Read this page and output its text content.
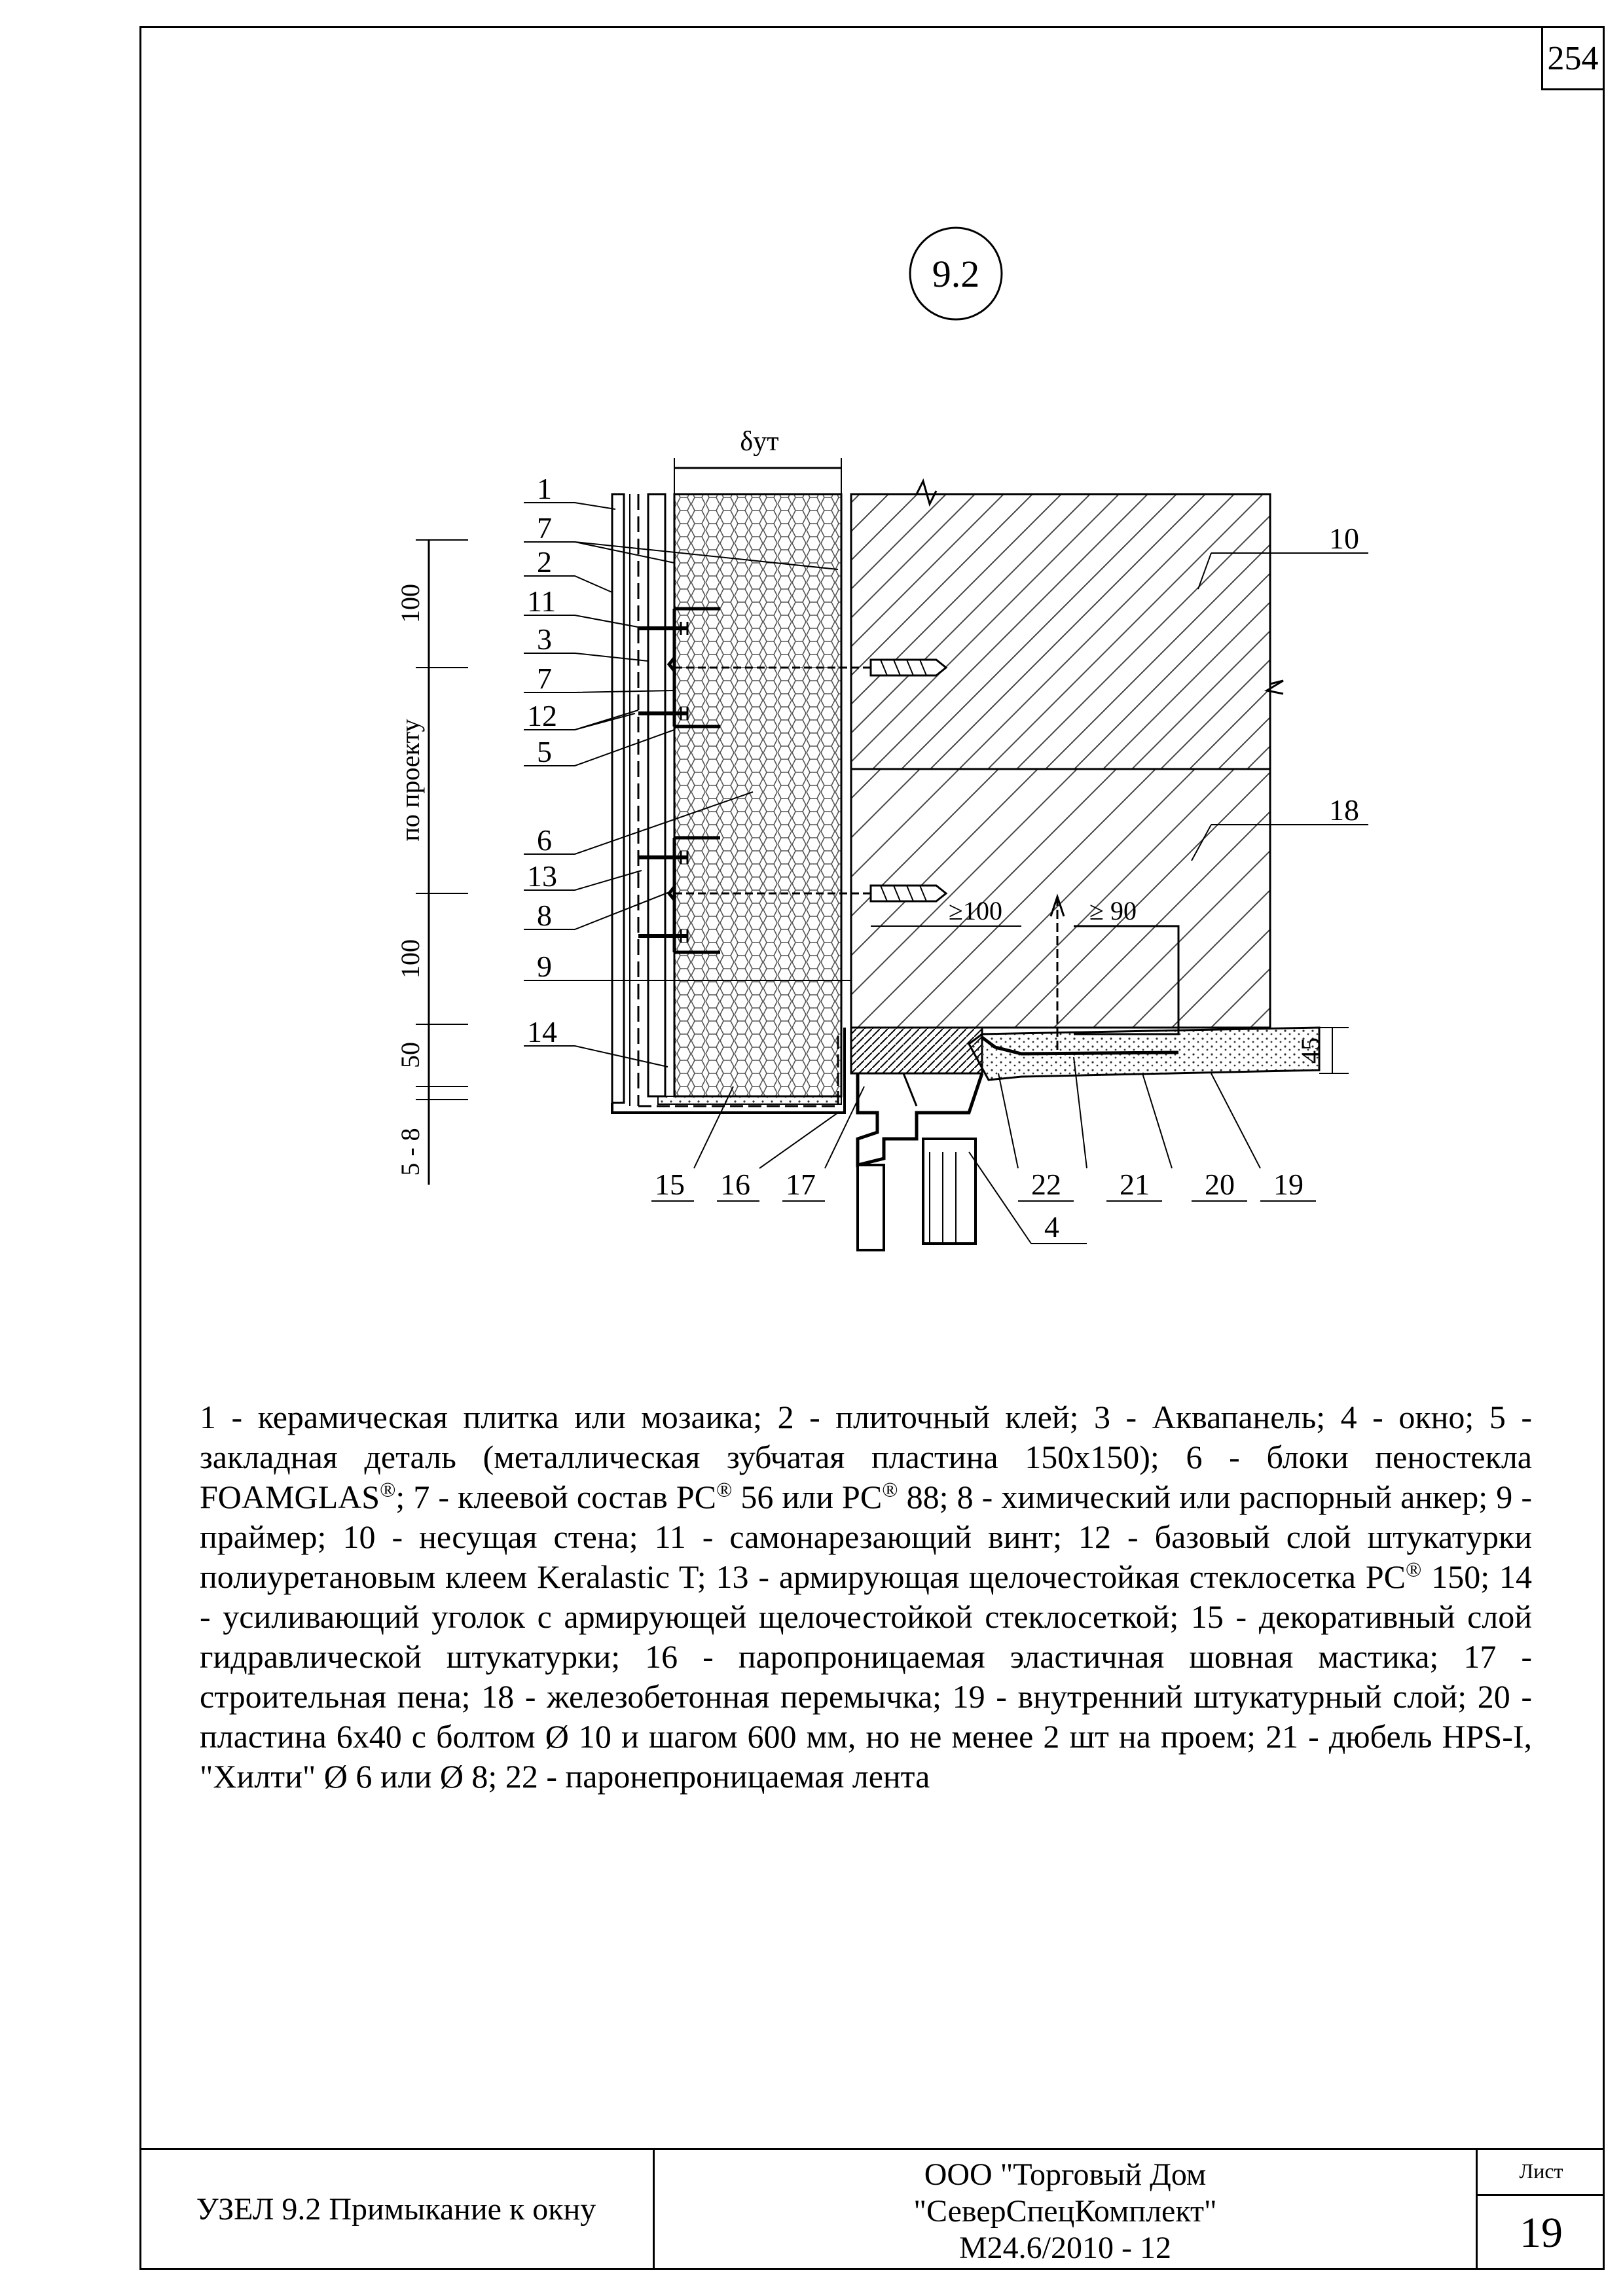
254
9.2
δут
100
по проекту
100
50
5 - 8
≥100	≥ 90
45
1
7
2
11
3
7
12
5
6
13
8
9
14
10
18
15 16 17	22 21 20 19
4
1 - керамическая плитка или мозаика; 2 - плиточный клей; 3 - Аквапанель; 4 - окно; 5 - закладная деталь (металлическая зубчатая пластина 150x150); 6 - блоки пеностекла FOAMGLAS®; 7 - клеевой состав PC® 56 или PC® 88; 8 - химический или распорный анкер; 9 - праймер; 10 - несущая стена; 11 - самонарезающий винт; 12 - базовый слой штукатурки полиуретановым клеем Keralastic T; 13 - армирующая щелочестойкая стеклосетка PC® 150; 14 - усиливающий уголок с армирующей щелочестойкой стеклосеткой; 15 - декоративный слой гидравлической штукатурки; 16 - паропроницаемая эластичная шовная мастика; 17 - строительная пена; 18 - железобетонная перемычка; 19 - внутренний штукатурный слой; 20 - пластина 6x40 с болтом Ø 10 и шагом 600 мм, но не менее 2 шт на проем; 21 - дюбель HPS-I, "Хилти" Ø 6 или Ø 8; 22 - паронепроницаемая лента
УЗЕЛ 9.2 Примыкание к окну
ООО "Торговый Дом
"СеверСпецКомплект"
М24.6/2010 - 12
Лист
19
